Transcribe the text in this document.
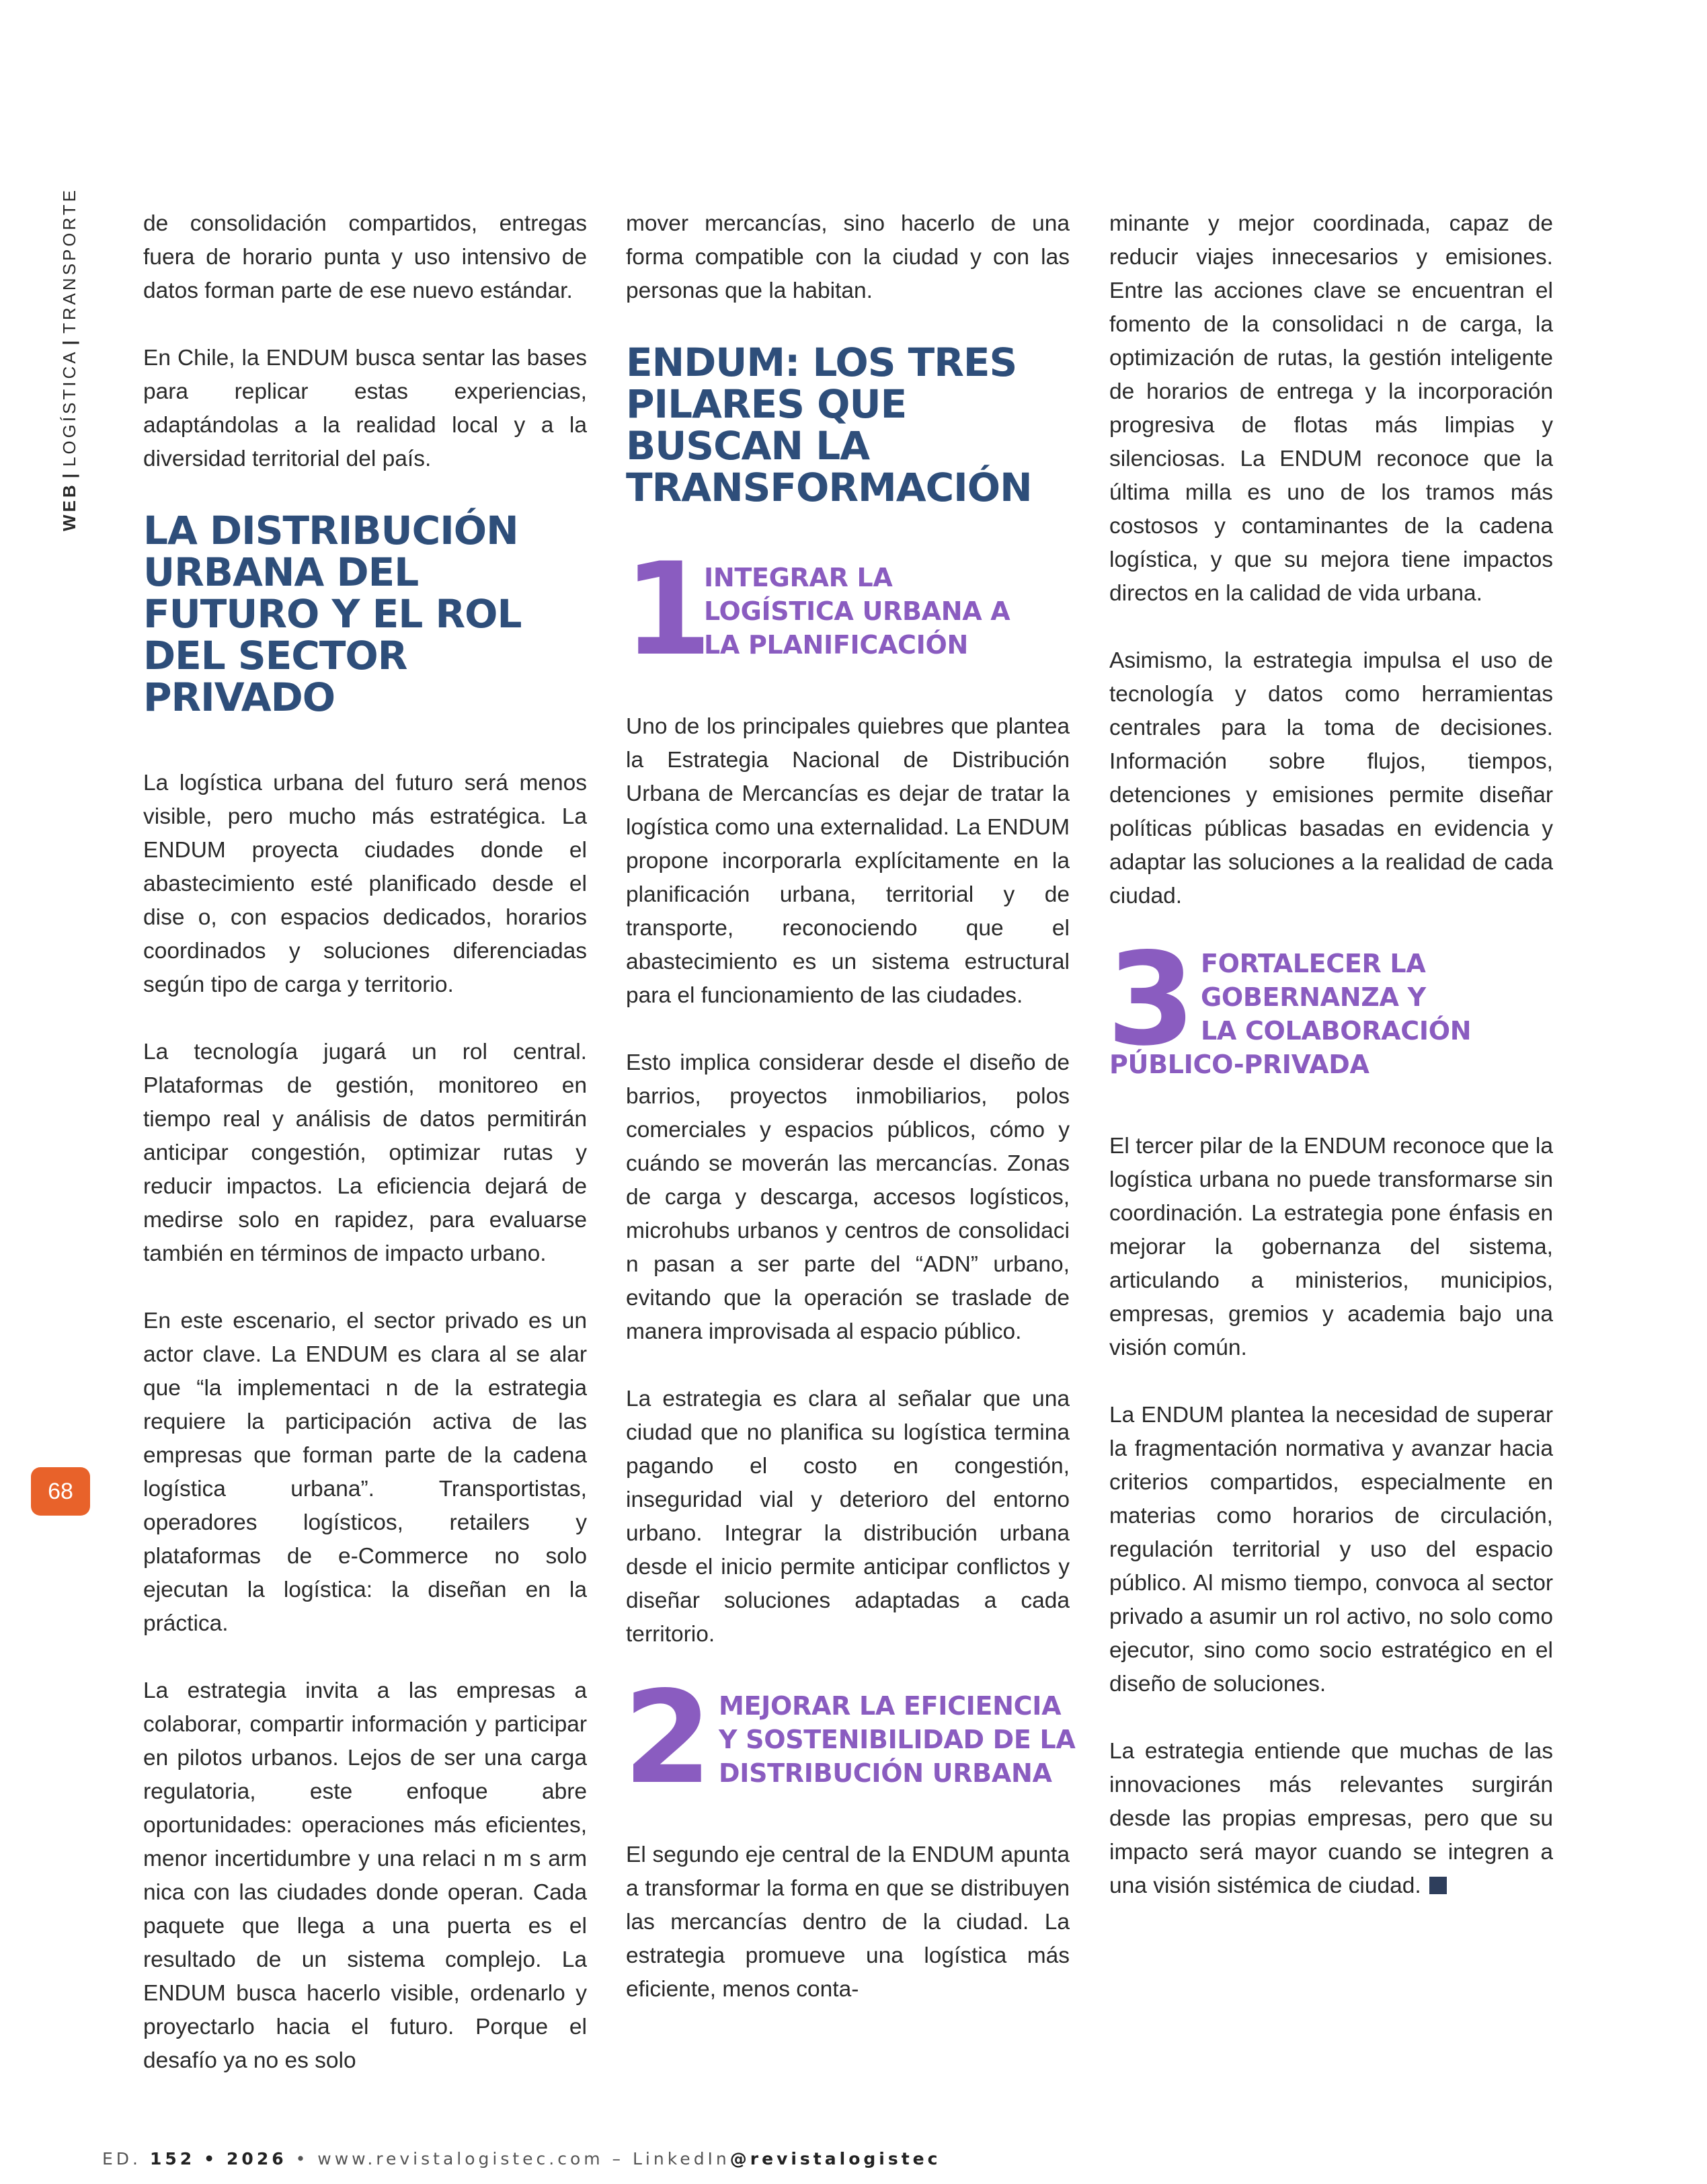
WEB|LOGÍSTICA|TRANSPORTE
68

de consolidación compartidos, entregas fuera de horario punta y uso intensivo de datos forman parte de ese nuevo estándar.

En Chile, la ENDUM busca sentar las bases para replicar estas experiencias, adaptándolas a la realidad local y a la diversidad territorial del país.

LA DISTRIBUCIÓN URBANA DEL FUTURO Y EL ROL DEL SECTOR PRIVADO

La logística urbana del futuro será menos visible, pero mucho más estratégica. La ENDUM proyecta ciudades donde el abastecimiento esté planificado desde el dise o, con espacios dedicados, horarios coordinados y soluciones diferenciadas según tipo de carga y territorio.

La tecnología jugará un rol central. Plataformas de gestión, monitoreo en tiempo real y análisis de datos permitirán anticipar congestión, optimizar rutas y reducir impactos. La eficiencia dejará de medirse solo en rapidez, para evaluarse también en términos de impacto urbano.

En este escenario, el sector privado es un actor clave. La ENDUM es clara al se alar que “la implementaci n de la estrategia requiere la participación activa de las empresas que forman parte de la cadena logística urbana”. Transportistas, operadores logísticos, retailers y plataformas de e-Commerce no solo ejecutan la logística: la diseñan en la práctica.

La estrategia invita a las empresas a colaborar, compartir información y participar en pilotos urbanos. Lejos de ser una carga regulatoria, este enfoque abre oportunidades: operaciones más eficientes, menor incertidumbre y una relaci n m s arm nica con las ciudades donde operan. Cada paquete que llega a una puerta es el resultado de un sistema complejo. La ENDUM busca hacerlo visible, ordenarlo y proyectarlo hacia el futuro. Porque el desafío ya no es solo

mover mercancías, sino hacerlo de una forma compatible con la ciudad y con las personas que la habitan.

ENDUM: LOS TRES PILARES QUE BUSCAN LA TRANSFORMACIÓN
1
INTEGRAR LA
LOGÍSTICA URBANA A
LA PLANIFICACIÓN

Uno de los principales quiebres que plantea la Estrategia Nacional de Distribución Urbana de Mercancías es dejar de tratar la logística como una externalidad. La ENDUM propone incorporarla explícitamente en la planificación urbana, territorial y de transporte, reconociendo que el abastecimiento es un sistema estructural para el funcionamiento de las ciudades.

Esto implica considerar desde el diseño de barrios, proyectos inmobiliarios, polos comerciales y espacios públicos, cómo y cuándo se moverán las mercancías. Zonas de carga y descarga, accesos logísticos, microhubs urbanos y centros de consolidaci n pasan a ser parte del “ADN” urbano, evitando que la operación se traslade de manera improvisada al espacio público.

La estrategia es clara al señalar que una ciudad que no planifica su logística termina pagando el costo en congestión, inseguridad vial y deterioro del entorno urbano. Integrar la distribución urbana desde el inicio permite anticipar conflictos y diseñar soluciones adaptadas a cada territorio.

2 MEJORAR LA EFICIENCIA
Y SOSTENIBILIDAD DE LA
DISTRIBUCIÓN URBANA

El segundo eje central de la ENDUM apunta a transformar la forma en que se distribuyen las mercancías dentro de la ciudad. La estrategia promueve una logística más eficiente, menos conta-

minante y mejor coordinada, capaz de reducir viajes innecesarios y emisiones. Entre las acciones clave se encuentran el fomento de la consolidaci n de carga, la optimización de rutas, la gestión inteligente de horarios de entrega y la incorporación progresiva de flotas más limpias y silenciosas. La ENDUM reconoce que la última milla es uno de los tramos más costosos y contaminantes de la cadena logística, y que su mejora tiene impactos directos en la calidad de vida urbana.

Asimismo, la estrategia impulsa el uso de tecnología y datos como herramientas centrales para la toma de decisiones. Información sobre flujos, tiempos, detenciones y emisiones permite diseñar políticas públicas basadas en evidencia y adaptar las soluciones a la realidad de cada ciudad.

3 FORTALECER LA
GOBERNANZA Y
LA COLABORACIÓN
PÚBLICO-PRIVADA

El tercer pilar de la ENDUM reconoce que la logística urbana no puede transformarse sin coordinación. La estrategia pone énfasis en mejorar la gobernanza del sistema, articulando a ministerios, municipios, empresas, gremios y academia bajo una visión común.

La ENDUM plantea la necesidad de superar la fragmentación normativa y avanzar hacia criterios compartidos, especialmente en materias como horarios de circulación, regulación territorial y uso del espacio público. Al mismo tiempo, convoca al sector privado a asumir un rol activo, no solo como ejecutor, sino como socio estratégico en el diseño de soluciones.

La estrategia entiende que muchas de las innovaciones más relevantes surgirán desde las propias empresas, pero que su impacto será mayor cuando se integren a una visión sistémica de ciudad.

ED. 152 • 2026 • www.revistalogistec.com – LinkedIn@revistalogistec
